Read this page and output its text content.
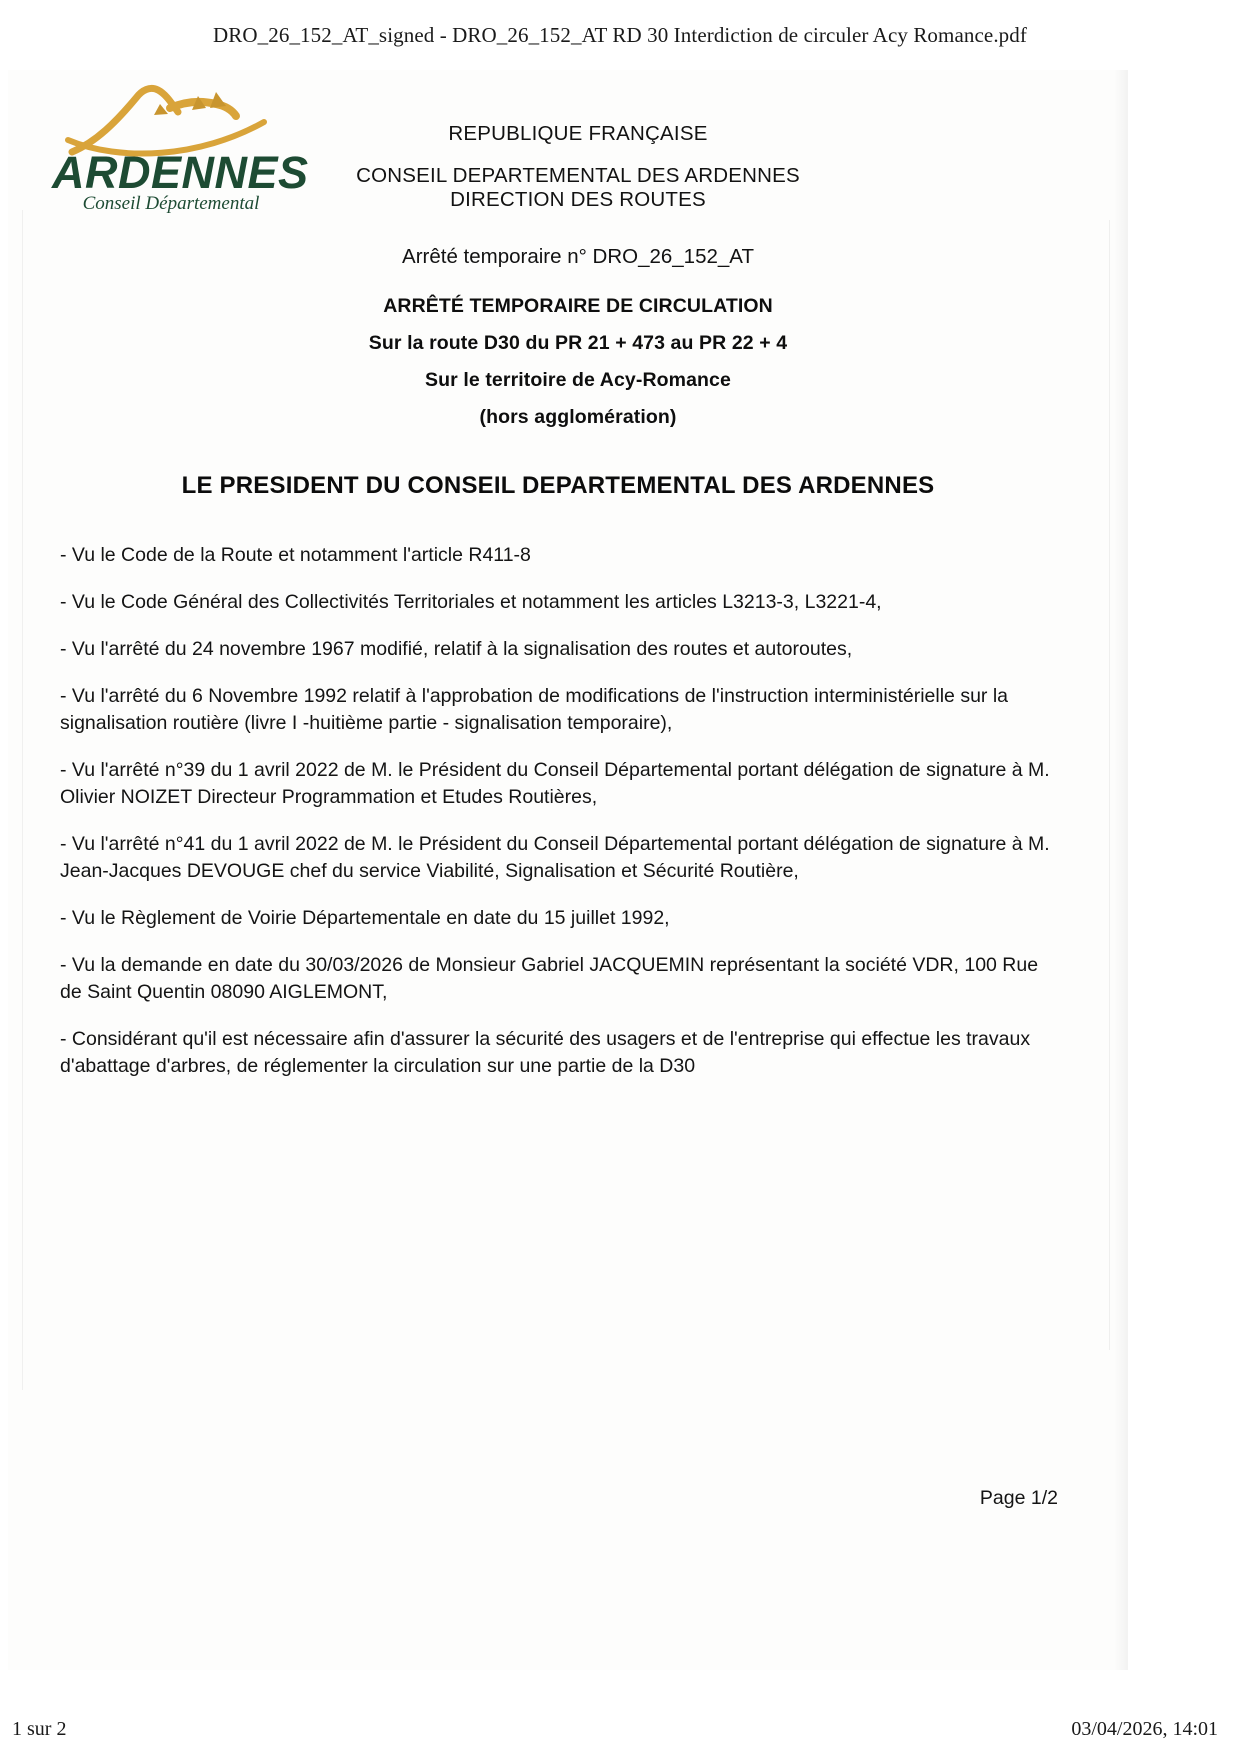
DRO_26_152_AT_signed - DRO_26_152_AT RD 30 Interdiction de circuler Acy Romance.pdf
ARDENNES
Conseil Départemental
REPUBLIQUE FRANÇAISE
CONSEIL DEPARTEMENTAL DES ARDENNES
DIRECTION DES ROUTES
Arrêté temporaire n° DRO_26_152_AT
ARRÊTÉ TEMPORAIRE DE CIRCULATION
Sur la route D30 du PR 21 + 473 au PR 22 + 4
Sur le territoire de Acy-Romance
(hors agglomération)
LE PRESIDENT DU CONSEIL DEPARTEMENTAL DES ARDENNES

- Vu le Code de la Route et notamment l'article R411-8

- Vu le Code Général des Collectivités Territoriales et notamment les articles L3213-3, L3221-4,

- Vu l'arrêté du 24 novembre 1967 modifié, relatif à la signalisation des routes et autoroutes,

- Vu l'arrêté du 6 Novembre 1992 relatif à l'approbation de modifications de l'instruction interministérielle sur la signalisation routière (livre I -huitième partie - signalisation temporaire),

- Vu l'arrêté n°39 du 1 avril 2022 de M. le Président du Conseil Départemental portant délégation de signature à M. Olivier NOIZET Directeur Programmation et Etudes Routières,

- Vu l'arrêté n°41 du 1 avril 2022 de M. le Président du Conseil Départemental portant délégation de signature à M. Jean-Jacques DEVOUGE chef du service Viabilité, Signalisation et Sécurité Routière,

- Vu le Règlement de Voirie Départementale en date du 15 juillet 1992,

- Vu la demande en date du 30/03/2026 de Monsieur Gabriel JACQUEMIN représentant la société VDR, 100 Rue de Saint Quentin 08090 AIGLEMONT,

- Considérant qu'il est nécessaire afin d'assurer la sécurité des usagers et de l'entreprise qui effectue les travaux d'abattage d'arbres, de réglementer la circulation sur une partie de la D30

Page 1/2
1 sur 2	03/04/2026, 14:01
